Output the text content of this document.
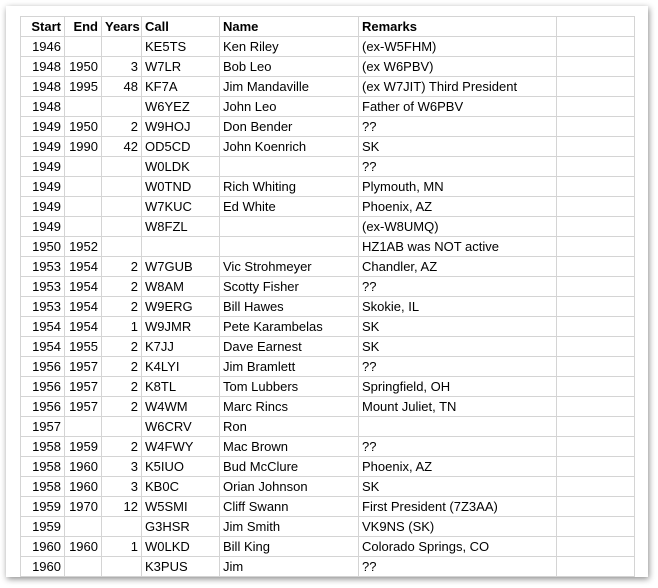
Start	End	Years	Call	Name	Remarks	
1946			KE5TS	Ken Riley	(ex-W5FHM)	
1948	1950	3	W7LR	Bob Leo	(ex W6PBV)	
1948	1995	48	KF7A	Jim Mandaville	(ex W7JIT) Third President	
1948			W6YEZ	John Leo	Father of W6PBV	
1949	1950	2	W9HOJ	Don Bender	??	
1949	1990	42	OD5CD	John Koenrich	SK	
1949			W0LDK		??	
1949			W0TND	Rich Whiting	Plymouth, MN	
1949			W7KUC	Ed White	Phoenix, AZ	
1949			W8FZL		(ex-W8UMQ)	
1950	1952				HZ1AB was NOT active	
1953	1954	2	W7GUB	Vic Strohmeyer	Chandler, AZ	
1953	1954	2	W8AM	Scotty Fisher	??	
1953	1954	2	W9ERG	Bill Hawes	Skokie, IL	
1954	1954	1	W9JMR	Pete Karambelas	SK	
1954	1955	2	K7JJ	Dave Earnest	SK	
1956	1957	2	K4LYI	Jim Bramlett	??	
1956	1957	2	K8TL	Tom Lubbers	Springfield, OH	
1956	1957	2	W4WM	Marc Rincs	Mount Juliet, TN	
1957			W6CRV	Ron		
1958	1959	2	W4FWY	Mac Brown	??	
1958	1960	3	K5IUO	Bud McClure	Phoenix, AZ	
1958	1960	3	KB0C	Orian Johnson	SK	
1959	1970	12	W5SMI	Cliff Swann	First President (7Z3AA)	
1959			G3HSR	Jim Smith	VK9NS (SK)	
1960	1960	1	W0LKD	Bill King	Colorado Springs, CO	
1960			K3PUS	Jim	??	
